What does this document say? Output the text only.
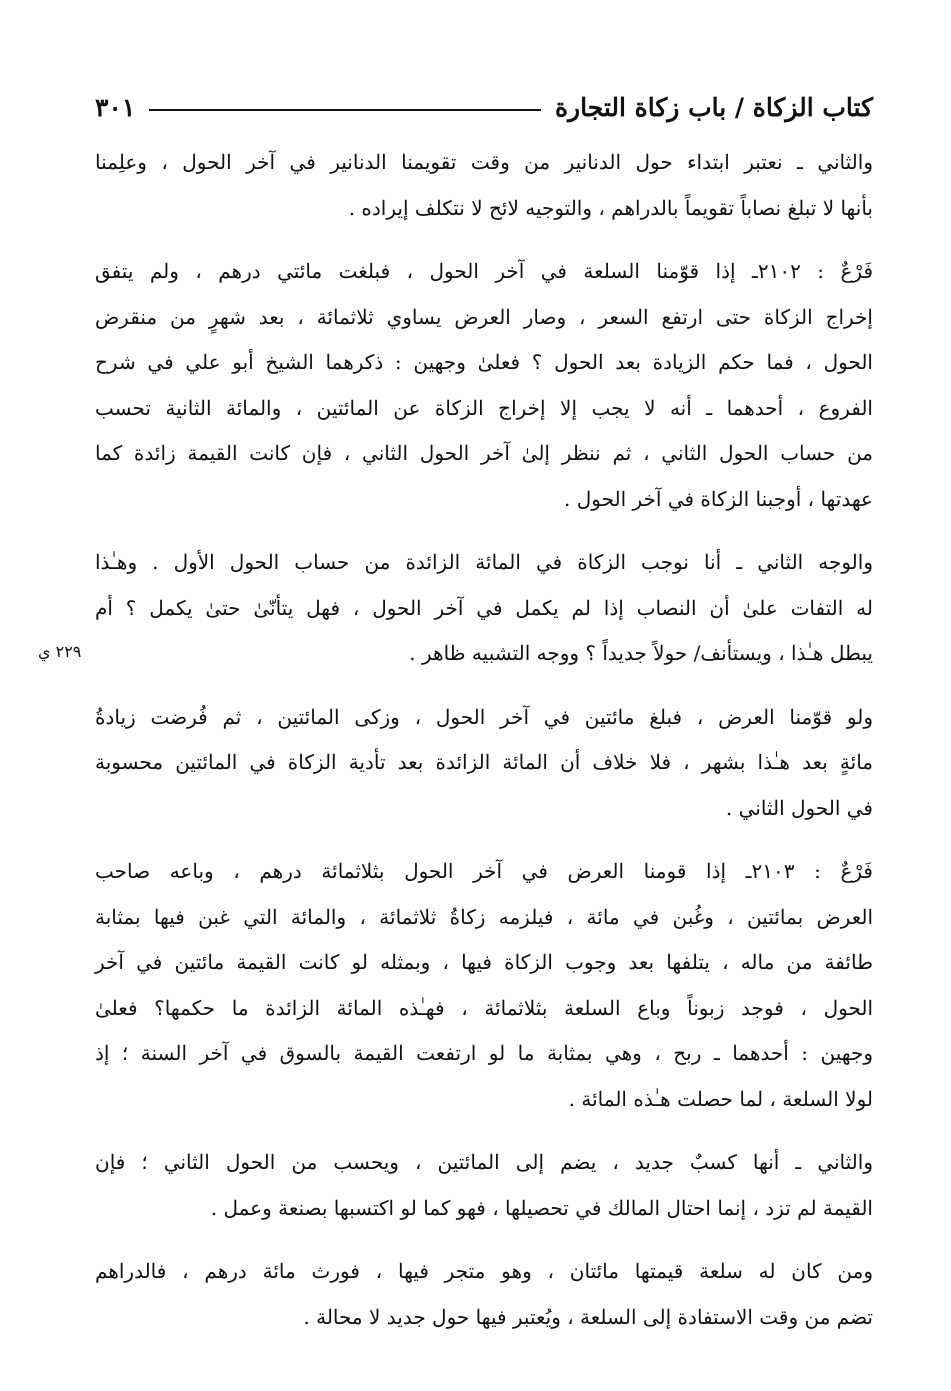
كتاب الزكاة / باب زكاة التجارة
٣٠١
٢٢٩ ي

والثاني ـ نعتبر ابتداء حول الدنانير من وقت تقويمنا الدنانير في آخر الحول ، وعلِمنا
بأنها لا تبلغ نصاباً تقويماً بالدراهم ، والتوجيه لائح لا نتكلف إيراده .

فَرْعٌ : ٢١٠٢ـ إذا قوّمنا السلعة في آخر الحول ، فبلغت مائتي درهم ، ولم يتفق
إخراج الزكاة حتى ارتفع السعر ، وصار العرض يساوي ثلاثمائة ، بعد شهرٍ من منقرض
الحول ، فما حكم الزيادة بعد الحول ؟ فعلىٰ وجهين : ذكرهما الشيخ أبو علي في شرح
الفروع ، أحدهما ـ أنه لا يجب إلا إخراج الزكاة عن المائتين ، والمائة الثانية تحسب
من حساب الحول الثاني ، ثم ننظر إلىٰ آخر الحول الثاني ، فإن كانت القيمة زائدة كما
عهدتها ، أوجبنا الزكاة في آخر الحول .

والوجه الثاني ـ أنا نوجب الزكاة في المائة الزائدة من حساب الحول الأول . وهـٰذا
له التفات علىٰ أن النصاب إذا لم يكمل في آخر الحول ، فهل يتأنّىٰ حتىٰ يكمل ؟ أم
يبطل هـٰذا ، ويستأنف/ حولاً جديداً ؟ ووجه التشبيه ظاهر .

ولو قوّمنا العرض ، فبلغ مائتين في آخر الحول ، وزكى المائتين ، ثم فُرضت زيادةُ
مائةٍ بعد هـٰذا بشهر ، فلا خلاف أن المائة الزائدة بعد تأدية الزكاة في المائتين محسوبة
في الحول الثاني .

فَرْعٌ : ٢١٠٣ـ إذا قومنا العرض في آخر الحول بثلاثمائة درهم ، وباعه صاحب
العرض بمائتين ، وغُبن في مائة ، فيلزمه زكاةُ ثلاثمائة ، والمائة التي غبن فيها بمثابة
طائفة من ماله ، يتلفها بعد وجوب الزكاة فيها ، وبمثله لو كانت القيمة مائتين في آخر
الحول ، فوجد زبوناً وباع السلعة بثلاثمائة ، فهـٰذه المائة الزائدة ما حكمها؟ فعلىٰ
وجهين : أحدهما ـ ربح ، وهي بمثابة ما لو ارتفعت القيمة بالسوق في آخر السنة ؛ إذ
لولا السلعة ، لما حصلت هـٰذه المائة .

والثاني ـ أنها كسبٌ جديد ، يضم إلى المائتين ، ويحسب من الحول الثاني ؛ فإن
القيمة لم تزد ، إنما احتال المالك في تحصيلها ، فهو كما لو اكتسبها بصنعة وعمل .

ومن كان له سلعة قيمتها مائتان ، وهو متجر فيها ، فورث مائة درهم ، فالدراهم
تضم من وقت الاستفادة إلى السلعة ، ويُعتبر فيها حول جديد لا محالة .
